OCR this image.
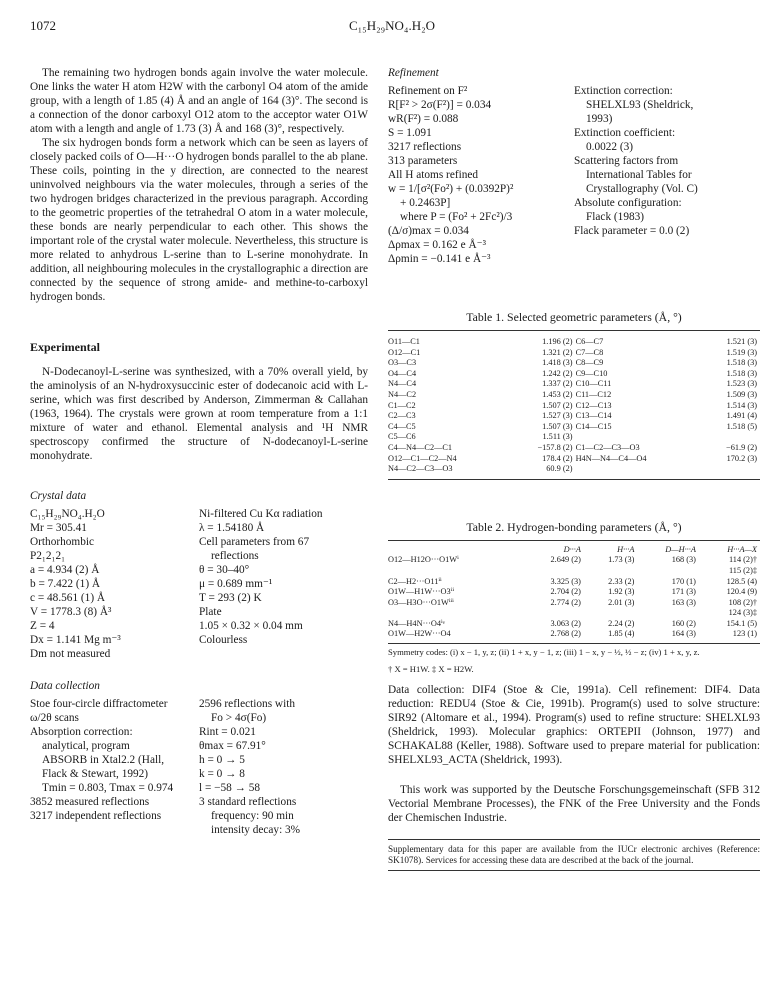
1072	C₁₅H₂₉NO₄.H₂O

The remaining two hydrogen bonds again involve the water molecule. One links the water H atom H2W with the carbonyl O4 atom of the amide group, with a length of 1.85 (4) Å and an angle of 164 (3)°. The second is a connection of the donor carboxyl O12 atom to the acceptor water O1W atom with a length and angle of 1.73 (3) Å and 168 (3)°, respectively.

The six hydrogen bonds form a network which can be seen as layers of closely packed coils of O—H···O hydrogen bonds parallel to the ab plane. These coils, pointing in the y direction, are connected to the nearest uninvolved neighbours via the water molecules, through a series of the two hydrogen bridges characterized in the previous paragraph. According to the geometric properties of the tetrahedral O atom in a water molecule, these bonds are nearly perpendicular to each other. This shows the important role of the crystal water molecule. Nevertheless, this structure is more related to anhydrous L-serine than to L-serine monohydrate. In addition, all neighbouring molecules in the crystallographic a direction are connected by the sequence of strong amide- and methine-to-carboxyl hydrogen bonds.

Experimental

N-Dodecanoyl-L-serine was synthesized, with a 70% overall yield, by the aminolysis of an N-hydroxysuccinic ester of dodecanoic acid with L-serine, which was first described by Anderson, Zimmerman & Callahan (1963, 1964). The crystals were grown at room temperature from a 1:1 mixture of water and ethanol. Elemental analysis and ¹H NMR spectroscopy confirmed the structure of N-dodecanoyl-L-serine monohydrate.

Crystal data
C₁₅H₂₉NO₄.H₂O
Mr = 305.41
Orthorhombic
P2₁2₁2₁
a = 4.934 (2) Å
b = 7.422 (1) Å
c = 48.561 (1) Å
V = 1778.3 (8) Å³
Z = 4
Dx = 1.141 Mg m⁻³
Dm not measured
Ni-filtered Cu Kα radiation
λ = 1.54180 Å
Cell parameters from 67
reflections
θ = 30–40°
μ = 0.689 mm⁻¹
T = 293 (2) K
Plate
1.05 × 0.32 × 0.04 mm
Colourless
Data collection
Stoe four-circle diffractometer
ω/2θ scans
Absorption correction:
analytical, program
ABSORB in Xtal2.2 (Hall,
Flack & Stewart, 1992)
Tmin = 0.803, Tmax = 0.974
3852 measured reflections
3217 independent reflections
2596 reflections with
Fo > 4σ(Fo)
Rint = 0.021
θmax = 67.91°
h = 0 → 5
k = 0 → 8
l = −58 → 58
3 standard reflections
frequency: 90 min
intensity decay: 3%
Refinement
Refinement on F²
R[F² > 2σ(F²)] = 0.034
wR(F²) = 0.088
S = 1.091
3217 reflections
313 parameters
All H atoms refined
w = 1/[σ²(Fo²) + (0.0392P)²
+ 0.2463P]
where P = (Fo² + 2Fc²)/3
(Δ/σ)max = 0.034
Δρmax = 0.162 e Å⁻³
Δρmin = −0.141 e Å⁻³
Extinction correction:
SHELXL93 (Sheldrick,
1993)
Extinction coefficient:
0.0022 (3)
Scattering factors from
International Tables for
Crystallography (Vol. C)
Absolute configuration:
Flack (1983)
Flack parameter = 0.0 (2)
Table 1. Selected geometric parameters (Å, °)
O11—C1	1.196 (2)	C6—C7	1.521 (3)
O12—C1	1.321 (2)	C7—C8	1.519 (3)
O3—C3	1.418 (3)	C8—C9	1.518 (3)
O4—C4	1.242 (2)	C9—C10	1.518 (3)
N4—C4	1.337 (2)	C10—C11	1.523 (3)
N4—C2	1.453 (2)	C11—C12	1.509 (3)
C1—C2	1.507 (2)	C12—C13	1.514 (3)
C2—C3	1.527 (3)	C13—C14	1.491 (4)
C4—C5	1.507 (3)	C14—C15	1.518 (5)
C5—C6	1.511 (3)		
C4—N4—C2—C1	−157.8 (2)	C1—C2—C3—O3	−61.9 (2)
O12—C1—C2—N4	178.4 (2)	H4N—N4—C4—O4	170.2 (3)
N4—C2—C3—O3	60.9 (2)		
Table 2. Hydrogen-bonding parameters (Å, °)
	D···A	H···A	D—H···A	H···A—X
O12—H12O···O1Wⁱ	2.649 (2)	1.73 (3)	168 (3)	114 (2)†
				115 (2)‡
C2—H2···O11ⁱⁱ	3.325 (3)	2.33 (2)	170 (1)	128.5 (4)
O1W—H1W···O3ⁱⁱ	2.704 (2)	1.92 (3)	171 (3)	120.4 (9)
O3—H3O···O1Wⁱⁱⁱ	2.774 (2)	2.01 (3)	163 (3)	108 (2)†
				124 (3)‡
N4—H4N···O4ⁱᵛ	3.063 (2)	2.24 (2)	160 (2)	154.1 (5)
O1W—H2W···O4	2.768 (2)	1.85 (4)	164 (3)	123 (1)
Symmetry codes: (i) x − 1, y, z; (ii) 1 + x, y − 1, z; (iii) 1 − x, y − ½, ½ − z; (iv) 1 + x, y, z.
† X = H1W. ‡ X = H2W.

Data collection: DIF4 (Stoe & Cie, 1991a). Cell refinement: DIF4. Data reduction: REDU4 (Stoe & Cie, 1991b). Program(s) used to solve structure: SIR92 (Altomare et al., 1994). Program(s) used to refine structure: SHELXL93 (Sheldrick, 1993). Molecular graphics: ORTEPII (Johnson, 1977) and SCHAKAL88 (Keller, 1988). Software used to prepare material for publication: SHELXL93_ACTA (Sheldrick, 1993).

This work was supported by the Deutsche Forschungsgemeinschaft (SFB 312 Vectorial Membrane Processes), the FNK of the Free University and the Fonds der Chemischen Industrie.

Supplementary data for this paper are available from the IUCr electronic archives (Reference: SK1078). Services for accessing these data are described at the back of the journal.
